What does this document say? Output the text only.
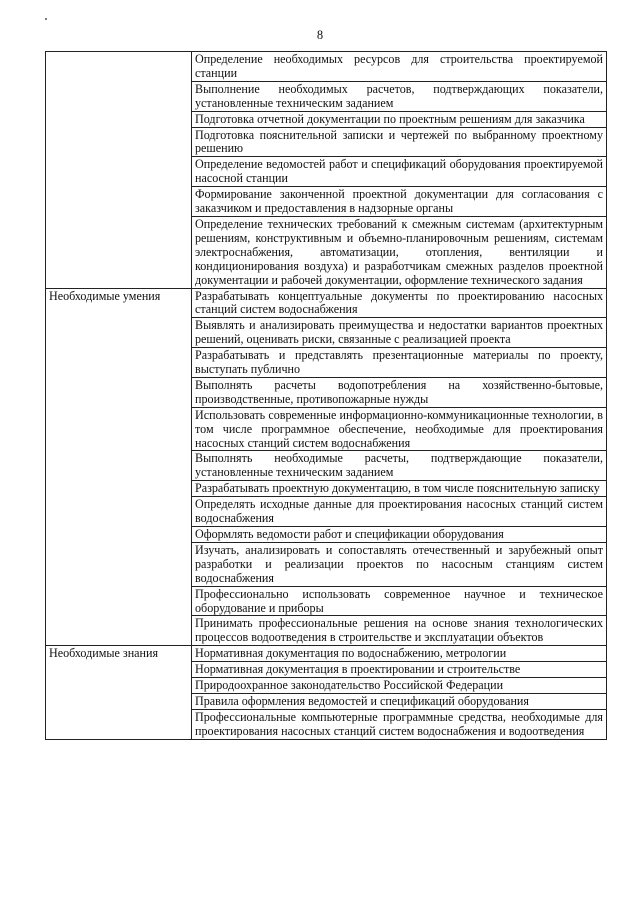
8
	Определение необходимых ресурсов для строительства проектируемой станции
	Выполнение необходимых расчетов, подтверждающих показатели, установленные техническим заданием
	Подготовка отчетной документации по проектным решениям для заказчика
	Подготовка пояснительной записки и чертежей по выбранному проектному решению
	Определение ведомостей работ и спецификаций оборудования проектируемой насосной станции
	Формирование законченной проектной документации для согласования с заказчиком и предоставления в надзорные органы
	Определение технических требований к смежным системам (архитектурным решениям, конструктивным и объемно-планировочным решениям, системам электроснабжения, автоматизации, отопления, вентиляции и кондиционирования воздуха) и разработчикам смежных разделов проектной документации и рабочей документации, оформление технического задания
Необходимые умения	Разрабатывать концептуальные документы по проектированию насосных станций систем водоснабжения
	Выявлять и анализировать преимущества и недостатки вариантов проектных решений, оценивать риски, связанные с реализацией проекта
	Разрабатывать и представлять презентационные материалы по проекту, выступать публично
	Выполнять расчеты водопотребления на хозяйственно-бытовые, производственные, противопожарные нужды
	Использовать современные информационно-коммуникационные технологии, в том числе программное обеспечение, необходимые для проектирования насосных станций систем водоснабжения
	Выполнять необходимые расчеты, подтверждающие показатели, установленные техническим заданием
	Разрабатывать проектную документацию, в том числе пояснительную записку
	Определять исходные данные для проектирования насосных станций систем водоснабжения
	Оформлять ведомости работ и спецификации оборудования
	Изучать, анализировать и сопоставлять отечественный и зарубежный опыт разработки и реализации проектов по насосным станциям систем водоснабжения
	Профессионально использовать современное научное и техническое оборудование и приборы
	Принимать профессиональные решения на основе знания технологических процессов водоотведения в строительстве и эксплуатации объектов
Необходимые знания	Нормативная документация по водоснабжению, метрологии
	Нормативная документация в проектировании и строительстве
	Природоохранное законодательство Российской Федерации
	Правила оформления ведомостей и спецификаций оборудования
	Профессиональные компьютерные программные средства, необходимые для проектирования насосных станций систем водоснабжения и водоотведения
